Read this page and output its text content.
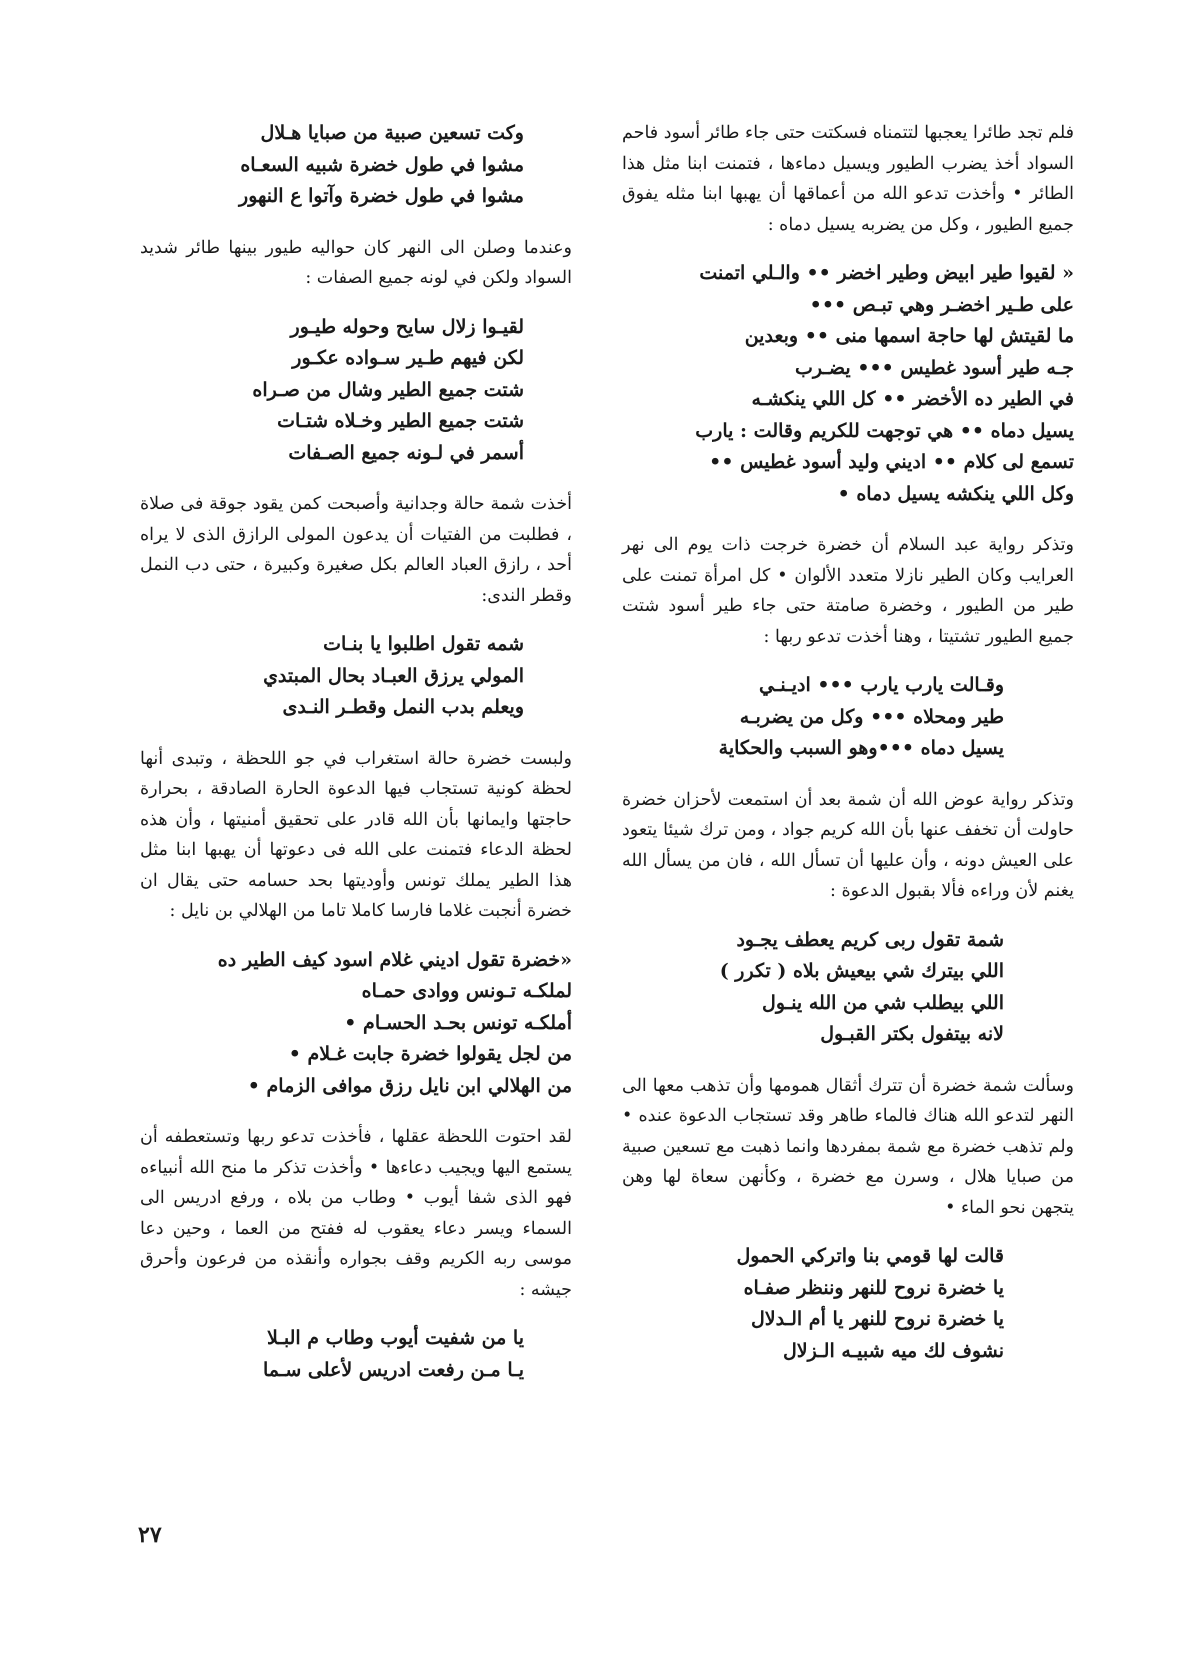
فلم تجد طائرا يعجبها لتتمناه فسكتت حتى جاء طائر أسود فاحم السواد أخذ يضرب الطيور ويسيل دماءها ، فتمنت ابنا مثل هذا الطائر • وأخذت تدعو الله من أعماقها أن يهبها ابنا مثله يفوق جميع الطيور ، وكل من يضربه يسيل دماه :

« لقيوا طير ابيض وطير اخضر •• والـلي اتمنت
على طـير اخضـر وهي تبـص •••
ما لقيتش لها حاجة اسمها منى •• وبعدين
جـه طير أسود غطيس ••• يضـرب
في الطير ده الأخضر •• كل اللي ينكشـه
يسيل دماه •• هي توجهت للكريم وقالت : يارب
تسمع لى كلام •• اديني وليد أسود غطيس ••
وكل اللي ينكشه يسيل دماه •

وتذكر رواية عبد السلام أن خضرة خرجت ذات يوم الى نهر العرايب وكان الطير نازلا متعدد الألوان • كل امرأة تمنت على طير من الطيور ، وخضرة صامتة حتى جاء طير أسود شتت جميع الطيور تشتيتا ، وهنا أخذت تدعو ربها :

وقـالت يارب يارب ••• اديـنـي
طير ومحلاه ••• وكل من يضربـه
يسيل دماه •••وهو السبب والحكاية

وتذكر رواية عوض الله أن شمة بعد أن استمعت لأحزان خضرة حاولت أن تخفف عنها بأن الله كريم جواد ، ومن ترك شيئا يتعود على العيش دونه ، وأن عليها أن تسأل الله ، فان من يسأل الله يغنم لأن وراءه فألا بقبول الدعوة :

شمة تقول ربى كريم يعطف يجـود
اللي بيترك شي بيعيش بلاه ( تكرر )
اللي بيطلب شي من الله ينـول
لانه بيتفول بكتر القبـول

وسألت شمة خضرة أن تترك أثقال همومها وأن تذهب معها الى النهر لتدعو الله هناك فالماء طاهر وقد تستجاب الدعوة عنده • ولم تذهب خضرة مع شمة بمفردها وانما ذهبت مع تسعين صبية من صبايا هلال ، وسرن مع خضرة ، وكأنهن سعاة لها وهن يتجهن نحو الماء •

قالت لها قومي بنا واتركي الحمول
يا خضرة نروح للنهر وننظر صفـاه
يا خضرة نروح للنهر يا أم الـدلال
نشوف لك ميه شبيـه الـزلال
وكت تسعين صبية من صبايا هـلال
مشوا في طول خضرة شبيه السعـاه
مشوا في طول خضرة وآتوا ع النهور

وعندما وصلن الى النهر كان حواليه طيور بينها طائر شديد السواد ولكن في لونه جميع الصفات :

لقيـوا زلال سايح وحوله طيـور
لكن فيهم طـير سـواده عكـور
شتت جميع الطير وشال من صـراه
شتت جميع الطير وخـلاه شتـات
أسمر في لـونه جميع الصـفات

أخذت شمة حالة وجدانية وأصبحت كمن يقود جوقة فى صلاة ، فطلبت من الفتيات أن يدعون المولى الرازق الذى لا يراه أحد ، رازق العباد العالم بكل صغيرة وكبيرة ، حتى دب النمل وقطر الندى:

شمه تقول اطلبوا يا بنـات
المولي يرزق العبـاد بحال المبتدي
ويعلم بدب النمل وقطـر النـدى

ولبست خضرة حالة استغراب في جو اللحظة ، وتبدى أنها لحظة كونية تستجاب فيها الدعوة الحارة الصادقة ، بحرارة حاجتها وايمانها بأن الله قادر على تحقيق أمنيتها ، وأن هذه لحظة الدعاء فتمنت على الله فى دعوتها أن يهبها ابنا مثل هذا الطير يملك تونس وأوديتها بحد حسامه حتى يقال ان خضرة أنجبت غلاما فارسا كاملا تاما من الهلالي بن نايل :

«خضرة تقول اديني غلام اسود كيف الطير ده
لملكـه تـونس ووادى حمـاه
أملكـه تونس بحـد الحسـام •
من لجل يقولوا خضرة جابت غـلام •
من الهلالي ابن نايل رزق موافى الزمام •

لقد احتوت اللحظة عقلها ، فأخذت تدعو ربها وتستعطفه أن يستمع اليها ويجيب دعاءها • وأخذت تذكر ما منح الله أنبياءه فهو الذى شفا أيوب • وطاب من بلاه ، ورفع ادريس الى السماء ويسر دعاء يعقوب له ففتح من العما ، وحين دعا موسى ربه الكريم وقف بجواره وأنقذه من فرعون وأحرق جيشه :

يا من شفيت أيوب وطاب م البـلا
يـا مـن رفعت ادريس لأعلى سـما
٢٧
